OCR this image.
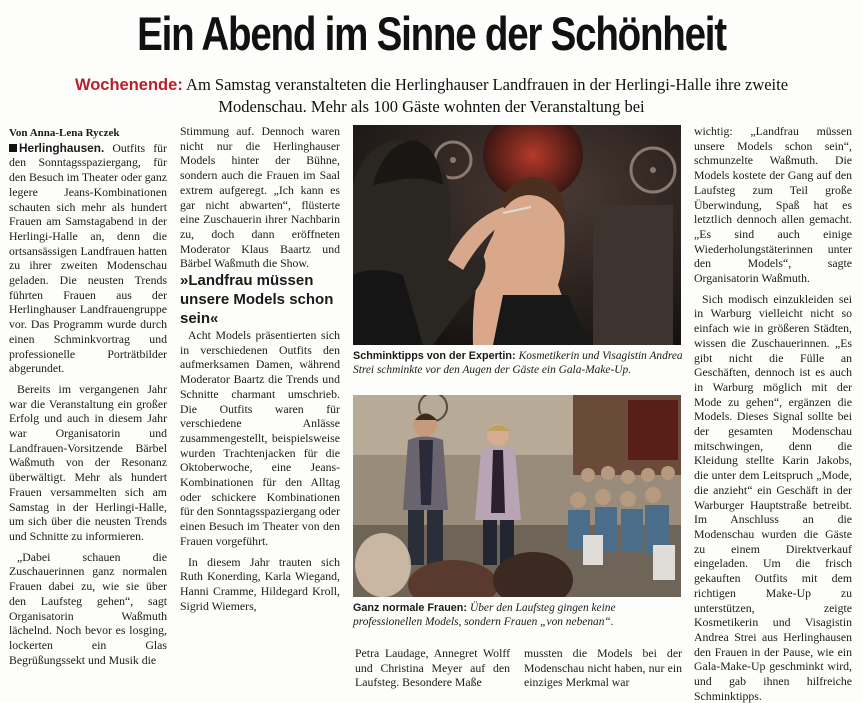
Ein Abend im Sinne der Schönheit
Wochenende: Am Samstag veranstalteten die Herlinghauser Landfrauen in der Herlingi-Halle ihre zweite Modenschau. Mehr als 100 Gäste wohnten der Veranstaltung bei

Von Anna-Lena Ryczek

Herlinghausen. Outfits für den Sonntagsspaziergang, für den Besuch im Theater oder ganz legere Jeans-Kombinationen schauten sich mehr als hundert Frauen am Samstagabend in der Herlingi-Halle an, denn die ortsansässigen Landfrauen hatten zu ihrer zweiten Modenschau geladen. Die neusten Trends führten Frauen aus der Herlinghauser Landfrauengruppe vor. Das Programm wurde durch einen Schminkvortrag und professionelle Porträtbilder abgerundet.

Bereits im vergangenen Jahr war die Veranstaltung ein großer Erfolg und auch in diesem Jahr war Organisatorin und Landfrauen-Vorsitzende Bärbel Waßmuth von der Resonanz überwältigt. Mehr als hundert Frauen versammelten sich am Samstag in der Herlingi-Halle, um sich über die neusten Trends und Schnitte zu informieren.

„Dabei schauen die Zuschauerinnen ganz normalen Frauen dabei zu, wie sie über den Laufsteg gehen“, sagt Organisatorin Waßmuth lächelnd. Noch bevor es losging, lockerten ein Glas Begrüßungssekt und Musik die

Stimmung auf. Dennoch waren nicht nur die Herlinghauser Models hinter der Bühne, sondern auch die Frauen im Saal extrem aufgeregt. „Ich kann es gar nicht abwarten“, flüsterte eine Zuschauerin ihrer Nachbarin zu, doch dann eröffneten Moderator Klaus Baartz und Bärbel Waßmuth die Show.

»Landfrau müssen unsere Models schon sein«

Acht Models präsentierten sich in verschiedenen Outfits den aufmerksamen Damen, während Moderator Baartz die Trends und Schnitte charmant umschrieb. Die Outfits waren für verschiedene Anlässe zusammengestellt, beispielsweise wurden Trachtenjacken für die Oktoberwoche, eine Jeans-Kombinationen für den Alltag oder schickere Kombinationen für den Sonntagsspaziergang oder einen Besuch im Theater von den Frauen vorgeführt.

In diesem Jahr trauten sich Ruth Konerding, Karla Wiegand, Hanni Cramme, Hildegard Kroll, Sigrid Wiemers,

Schminktipps von der Expertin: Kosmetikerin und Visagistin Andrea Strei schminkte vor den Augen der Gäste ein Gala-Make-Up.
Ganz normale Frauen: Über den Laufsteg gingen keine professionellen Models, sondern Frauen „von nebenan“.

Petra Laudage, Annegret Wolff und Christina Meyer auf den Laufsteg. Besondere Maße

mussten die Models bei der Modenschau nicht haben, nur ein einziges Merkmal war

wichtig: „Landfrau müssen unsere Models schon sein“, schmunzelte Waßmuth. Die Models kostete der Gang auf den Laufsteg zum Teil große Überwindung, Spaß hat es letztlich dennoch allen gemacht. „Es sind auch einige Wiederholungstäterinnen unter den Models“, sagte Organisatorin Waßmuth.

Sich modisch einzukleiden sei in Warburg vielleicht nicht so einfach wie in größeren Städten, wissen die Zuschauerinnen. „Es gibt nicht die Fülle an Geschäften, dennoch ist es auch in Warburg möglich mit der Mode zu gehen“, ergänzen die Models. Dieses Signal sollte bei der gesamten Modenschau mitschwingen, denn die Kleidung stellte Karin Jakobs, die unter dem Leitspruch „Mode, die anzieht“ ein Geschäft in der Warburger Hauptstraße betreibt. Im Anschluss an die Modenschau wurden die Gäste zu einem Direktverkauf eingeladen. Um die frisch gekauften Outfits mit dem richtigen Make-Up zu unterstützen, zeigte Kosmetikerin und Visagistin Andrea Strei aus Herlinghausen den Frauen in der Pause, wie ein Gala-Make-Up geschminkt wird, und gab ihnen hilfreiche Schminktipps.
